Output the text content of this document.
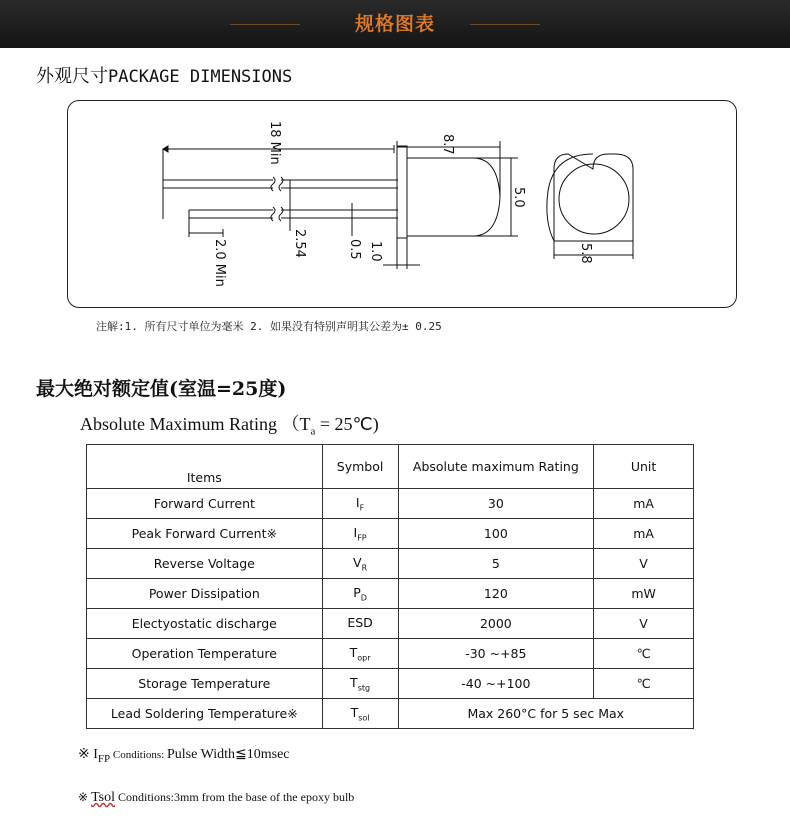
规格图表
外观尺寸PACKAGE DIMENSIONS
18 Min	8.7
5.0
2.54	0.5 1.0
2.0 Min	5.8
注解:1. 所有尺寸单位为毫米 2. 如果没有特别声明其公差为± 0.25
最大绝对额定值(室温=25度)
Absolute Maximum Rating （$T_a$ = 25℃)
Items	Symbol	Absolute maximum Rating	Unit
Forward Current	$I_F$	30	mA
Peak Forward Current※	$I_{FP}$	100	mA
Reverse Voltage	$V_R$	5	V
Power Dissipation	$P_D$	120	mW
Electyostatic discharge	ESD	2000	V
Operation Temperature	$T_{opr}$	-30 ~+85	℃
Storage Temperature	$T_{stg}$	-40 ~+100	℃
Lead Soldering Temperature※	$T_{sol}$	Max 260°C for 5 sec Max	
※ $I_{FP}$ Conditions: Pulse Width≦10msec
※ Tsol Conditions:3mm from the base of the epoxy bulb
